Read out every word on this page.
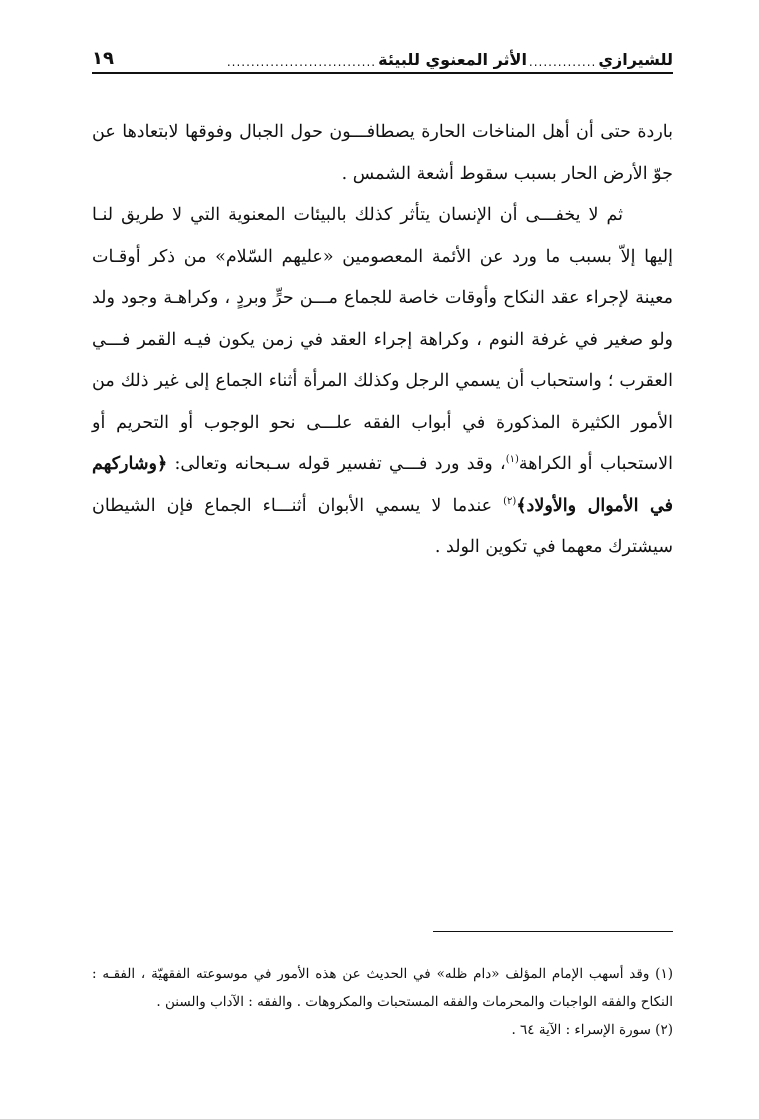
للشيرازي
..............
الأثر المعنوي للبيئة
...............................
١٩

باردة حتى أن أهل المناخات الحارة يصطافـــون حول الجبال وفوقها لابتعادها عن جوّ الأرض الحار بسبب سقوط أشعة الشمس .

ثم لا يخفـــى أن الإنسان يتأثر كذلك بالبيئات المعنوية التي لا طريق لنـا إليها إلاّ بسبب ما ورد عن الأئمة المعصومين «عليهم السّلام» من ذكر أوقـات معينة لإجراء عقد النكاح وأوقات خاصة للجماع مـــن حرٍّ وبردٍ ، وكراهـة وجود ولد ولو صغير في غرفة النوم ، وكراهة إجراء العقد في زمن يكون فيـه القمر فـــي العقرب ؛ واستحباب أن يسمي الرجل وكذلك المرأة أثناء الجماع إلى غير ذلك من الأمور الكثيرة المذكورة في أبواب الفقه علـــى نحو الوجوب أو التحريم أو الاستحباب أو الكراهة$^{(١)}$، وقد ورد فـــي تفسير قوله سـبحانه وتعالى: ﴿وشاركهم في الأموال والأولاد﴾$^{(٢)}$ عندما لا يسمي الأبوان أثنـــاء الجماع فإن الشيطان سيشترك معهما في تكوين الولد .

(١) وقد أسهب الإمام المؤلف «دام ظله» في الحديث عن هذه الأمور في موسوعته الفقهيّة ، الفقـه : النكاح والفقه الواجبات والمحرمات والفقه المستحبات والمكروهات . والفقه : الآداب والسنن .

(٢) سورة الإسراء : الآية ٦٤ .
